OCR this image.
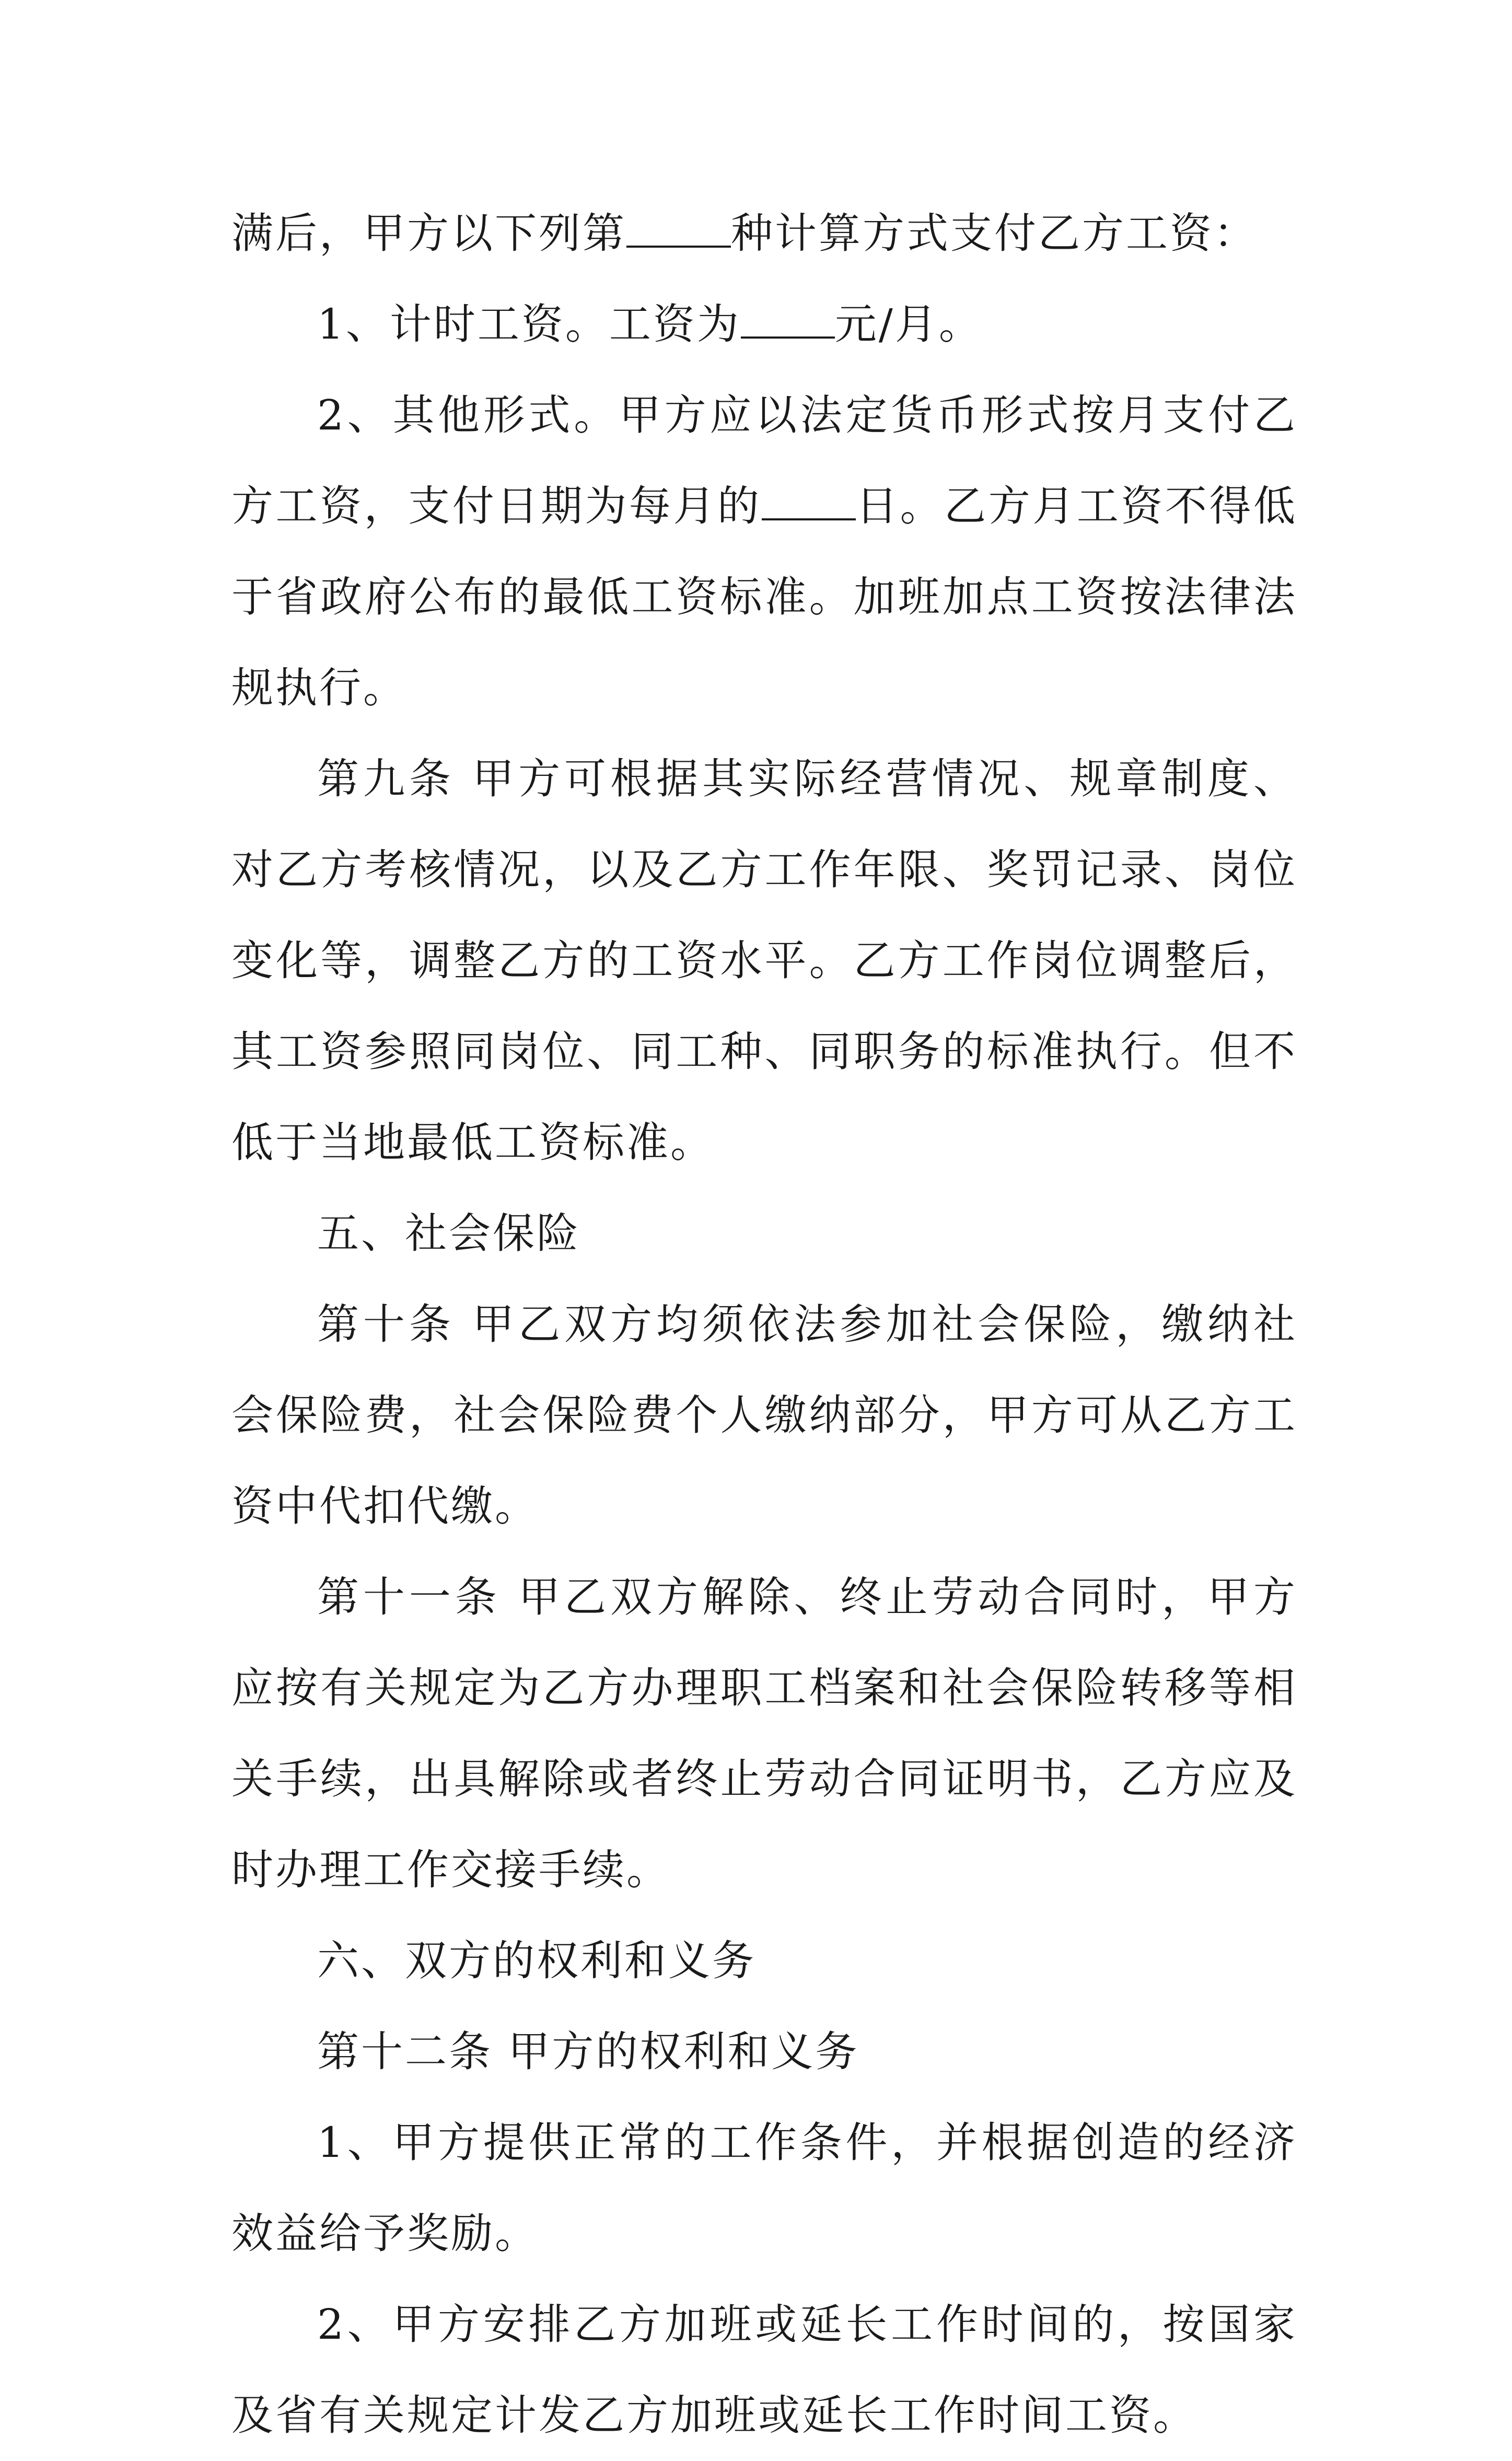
满后，甲方以下列第	种计算方式支付乙方工资：

1、计时工资。工资为 元/月。

2、其他形式。甲方应以法定货币形式按月支付乙方工资，支付日期为每月的 日。乙方月工资不得低于省政府公布的最低工资标准。加班加点工资按法律法规执行。

第九条 甲方可根据其实际经营情况、规章制度、对乙方考核情况，以及乙方工作年限、奖罚记录、岗位变化等，调整乙方的工资水平。乙方工作岗位调整后，其工资参照同岗位、同工种、同职务的标准执行。但不低于当地最低工资标准。

五、社会保险

第十条 甲乙双方均须依法参加社会保险，缴纳社会保险费，社会保险费个人缴纳部分，甲方可从乙方工资中代扣代缴。

第十一条 甲乙双方解除、终止劳动合同时，甲方应按有关规定为乙方办理职工档案和社会保险转移等相关手续，出具解除或者终止劳动合同证明书，乙方应及时办理工作交接手续。

六、双方的权利和义务

第十二条 甲方的权利和义务

1、甲方提供正常的工作条件，并根据创造的经济效益给予奖励。

2、甲方安排乙方加班或延长工作时间的，按国家及省有关规定计发乙方加班或延长工作时间工资。
